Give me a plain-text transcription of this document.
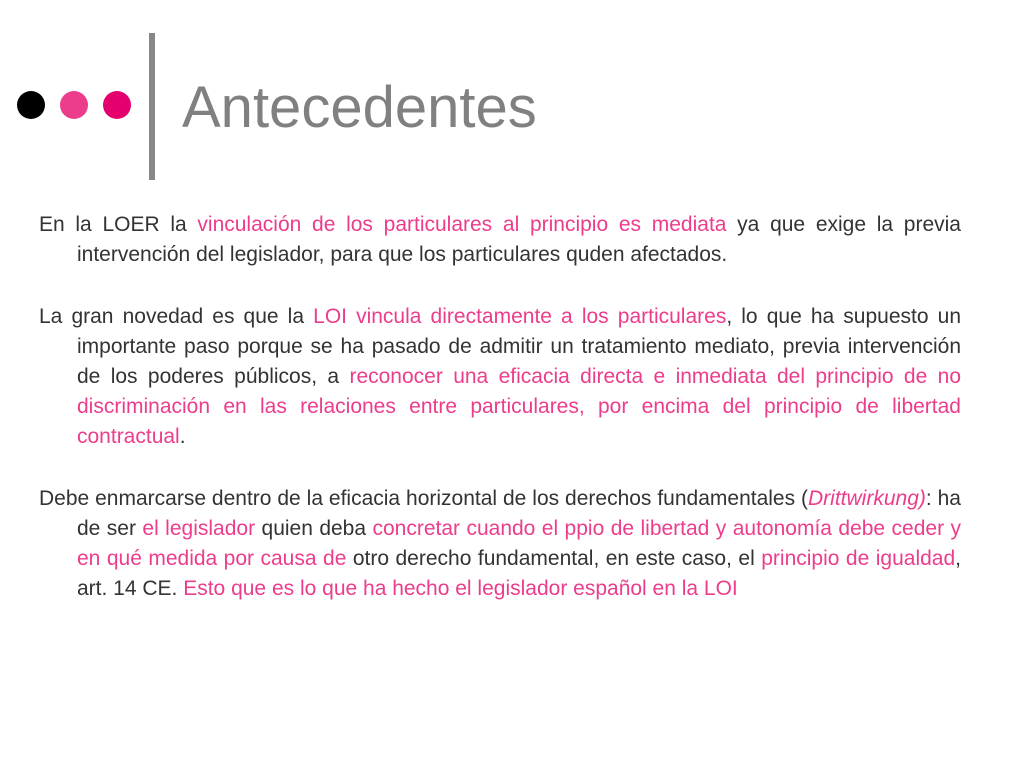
Antecedentes

En la LOER la vinculación de los particulares al principio es mediata ya que exige la previa intervención del legislador, para que los particulares quden afectados.

La gran novedad es que la LOI vincula directamente a los particulares, lo que ha supuesto un importante paso porque se ha pasado de admitir un tratamiento mediato, previa intervención de los poderes públicos, a reconocer una eficacia directa e inmediata del principio de no discriminación en las relaciones entre particulares, por encima del principio de libertad contractual.

Debe enmarcarse dentro de la eficacia horizontal de los derechos fundamentales (Drittwirkung): ha de ser el legislador quien deba concretar cuando el ppio de libertad y autonomía debe ceder y en qué medida por causa de otro derecho fundamental, en este caso, el principio de igualdad, art. 14 CE. Esto que es lo que ha hecho el legislador español en la LOI
